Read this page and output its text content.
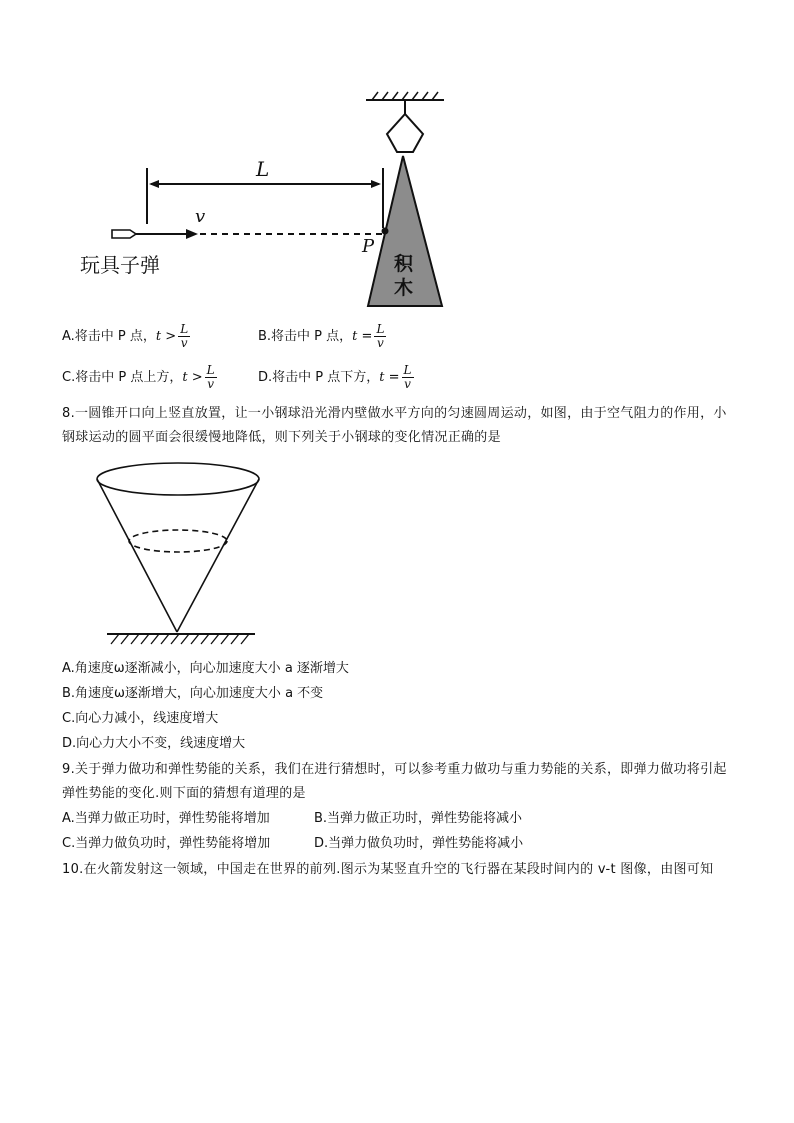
积
木
L
v
P
玩具子弹
A.将击中 P 点，$t > \frac{L}{v}$	B.将击中 P 点，$t = \frac{L}{v}$
C.将击中 P 点上方，$t > \frac{L}{v}$	D.将击中 P 点下方，$t = \frac{L}{v}$
8.一圆锥开口向上竖直放置，让一小钢球沿光滑内壁做水平方向的匀速圆周运动，如图，由于空气阻力的作用，小钢球运动的圆平面会很缓慢地降低，则下列关于小钢球的变化情况正确的是
A.角速度ω逐渐减小，向心加速度大小 a 逐渐增大
B.角速度ω逐渐增大，向心加速度大小 a 不变
C.向心力减小，线速度增大
D.向心力大小不变，线速度增大
9.关于弹力做功和弹性势能的关系，我们在进行猜想时，可以参考重力做功与重力势能的关系，即弹力做功将引起弹性势能的变化.则下面的猜想有道理的是
A.当弹力做正功时，弹性势能将增加	B.当弹力做正功时，弹性势能将减小
C.当弹力做负功时，弹性势能将增加	D.当弹力做负功时，弹性势能将减小
10.在火箭发射这一领域，中国走在世界的前列.图示为某竖直升空的飞行器在某段时间内的 v-t 图像，由图可知
